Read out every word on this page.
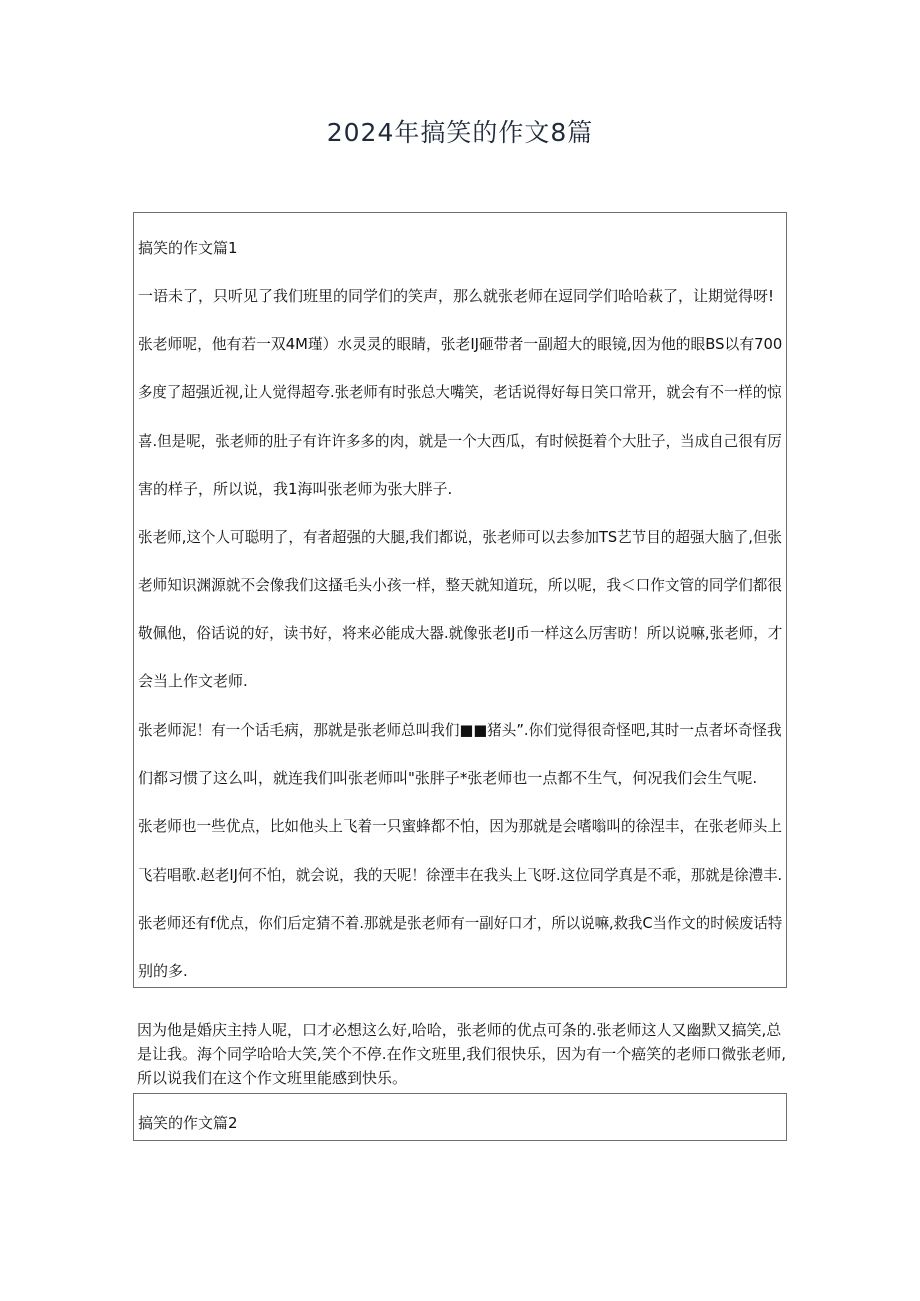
2024年搞笑的作文8篇
搞笑的作文篇1
一语未了，只听见了我们班里的同学们的笑声，那么就张老师在逗同学们哈哈萩了，让期觉得呀!
张老师呢，他有若一双4M瑾）水灵灵的眼睛，张老IJ砸带者一副超大的眼镜,因为他的眼BS以有700
多度了超强近视,让人觉得超夸.张老师有时张总大嘴笑，老话说得好每日笑口常开，就会有不一样的惊
喜.但是呢，张老师的肚子有许许多多的肉，就是一个大西瓜，有时候挺着个大肚子，当成自己很有厉
害的样子，所以说，我1海叫张老师为张大胖子.
张老师,这个人可聪明了，有者超强的大腿,我们都说，张老师可以去参加TS艺节目的超强大脑了,但张
老师知识渊源就不会像我们这搔毛头小孩一样，整天就知道玩，所以呢，我＜口作文管的同学们都很
敬佩他，俗话说的好，读书好，将来必能成大器.就像张老IJ币一样这么厉害昉！所以说嘛,张老师，才
会当上作文老师.
张老师泥！有一个话毛病，那就是张老师总叫我们■■猪头”.你们觉得很奇怪吧,其时一点者坏奇怪我
们都习惯了这么叫，就连我们叫张老师叫"张胖子*张老师也一点都不生气，何况我们会生气呢.
张老师也一些优点，比如他头上飞着一只蜜蜂都不怕，因为那就是会嗜嗡叫的徐涅丰，在张老师头上
飞若唱歌.赵老IJ何不怕，就会说，我的天呢！徐湮丰在我头上飞呀.这位同学真是不乖，那就是徐澧丰.
张老师还有f优点，你们后定猜不着.那就是张老师有一副好口才，所以说嘛,救我C当作文的时候废话特
别的多.
因为他是婚庆主持人呢，口才必想这么好,哈哈，张老师的优点可条的.张老师这人又幽默又搞笑,总是让我。海个同学哈哈大笑,笑个不停.在作文班里,我们很快乐，因为有一个癌笑的老师口微张老师,所以说我们在这个作文班里能感到快乐。
搞笑的作文篇2
